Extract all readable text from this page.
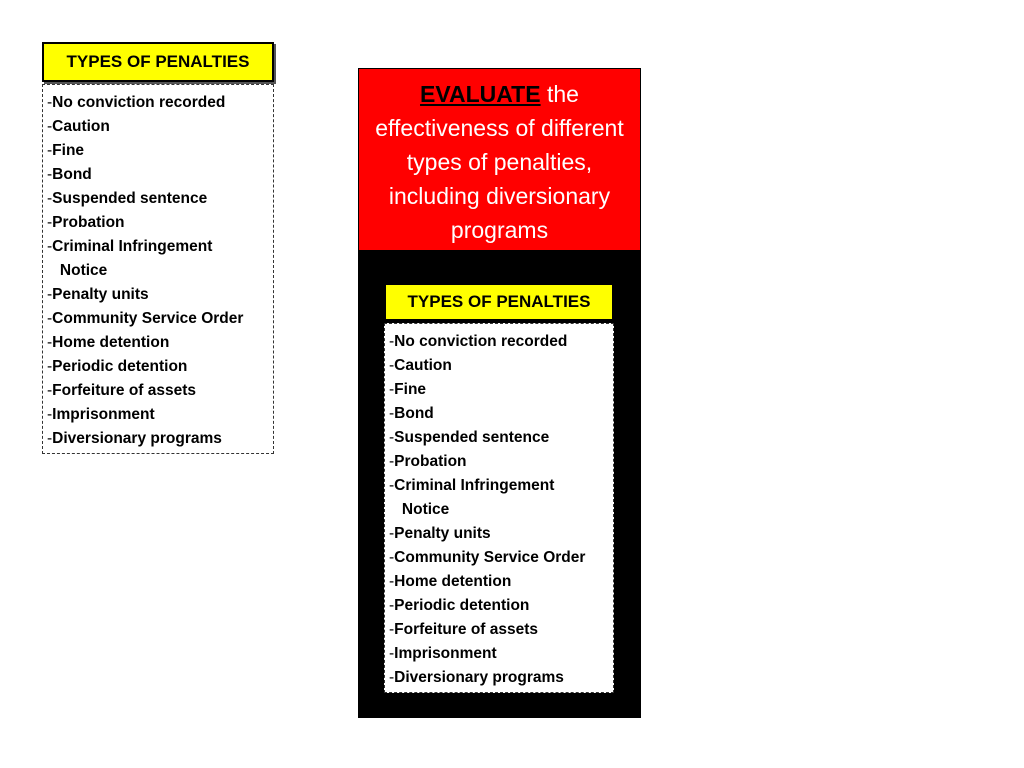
TYPES OF PENALTIES
-No conviction recorded
-Caution
-Fine
-Bond
-Suspended sentence
-Probation
-Criminal Infringement
Notice
-Penalty units
-Community Service Order
-Home detention
-Periodic detention
-Forfeiture of assets
-Imprisonment
-Diversionary programs
EVALUATE the effectiveness of different types of penalties, including diversionary programs
TYPES OF PENALTIES
-No conviction recorded
-Caution
-Fine
-Bond
-Suspended sentence
-Probation
-Criminal Infringement
Notice
-Penalty units
-Community Service Order
-Home detention
-Periodic detention
-Forfeiture of assets
-Imprisonment
-Diversionary programs
